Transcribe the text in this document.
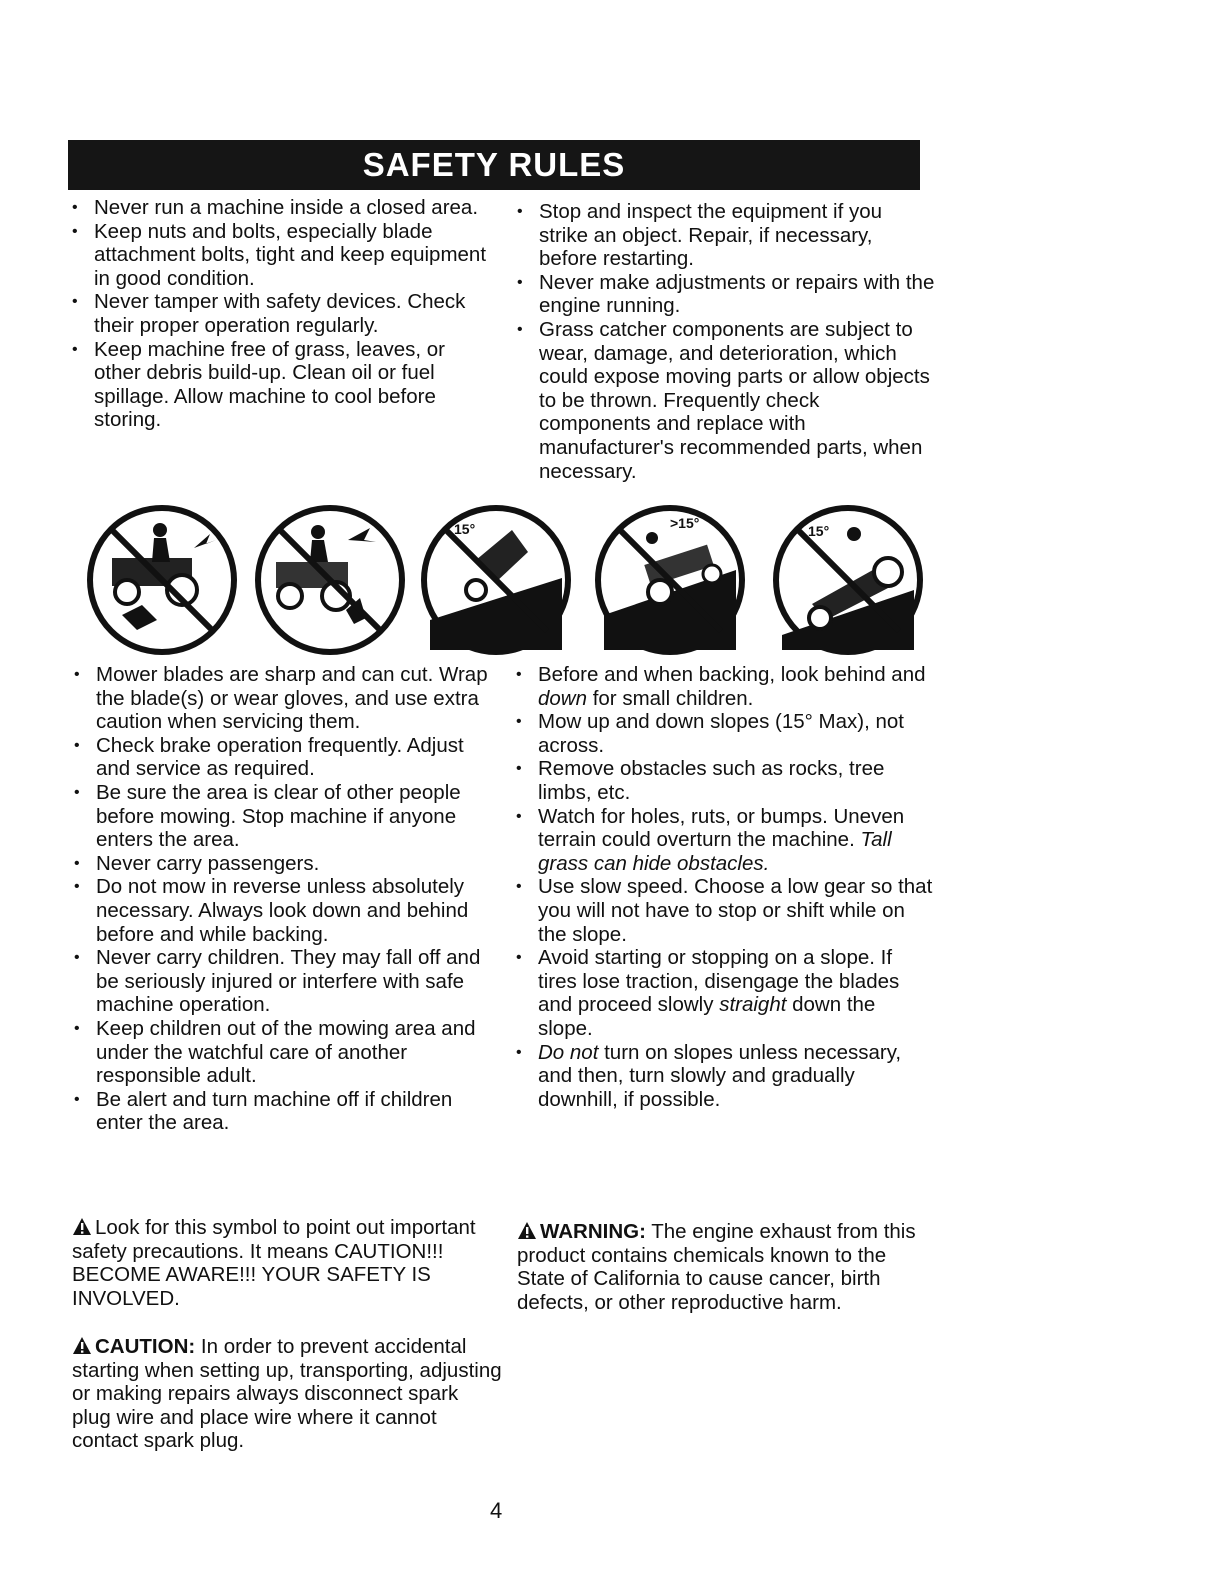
SAFETY RULES
• Never run a machine inside a closed area.
• Keep nuts and bolts, especially blade attachment bolts, tight and keep equipment in good condition.
• Never tamper with safety devices. Check their proper operation regularly.
• Keep machine free of grass, leaves, or other debris build-up. Clean oil or fuel spillage. Allow machine to cool before storing.
• Stop and inspect the equipment if you strike an object. Repair, if necessary, before restarting.
• Never make adjustments or repairs with the engine running.
• Grass catcher components are subject to wear, damage, and deterioration, which could expose moving parts or allow objects to be thrown. Frequently check components and replace with manufacturer's recommended parts, when necessary.
15°	>15°	15°
• Mower blades are sharp and can cut. Wrap the blade(s) or wear gloves, and use extra caution when servicing them.
• Check brake operation frequently. Adjust and service as required.
• Be sure the area is clear of other people before mowing. Stop machine if anyone enters the area.
• Never carry passengers.
• Do not mow in reverse unless absolutely necessary. Always look down and behind before and while backing.
• Never carry children. They may fall off and be seriously injured or interfere with safe machine operation.
• Keep children out of the mowing area and under the watchful care of another responsible adult.
• Be alert and turn machine off if children enter the area.
• Before and when backing, look behind and down for small children.
• Mow up and down slopes (15° Max), not across.
• Remove obstacles such as rocks, tree limbs, etc.
• Watch for holes, ruts, or bumps. Uneven terrain could overturn the machine. Tall grass can hide obstacles.
• Use slow speed. Choose a low gear so that you will not have to stop or shift while on the slope.
• Avoid starting or stopping on a slope. If tires lose traction, disengage the blades and proceed slowly straight down the slope.
• Do not turn on slopes unless necessary, and then, turn slowly and gradually downhill, if possible.
Look for this symbol to point out important safety precautions. It means CAUTION!!! BECOME AWARE!!! YOUR SAFETY IS INVOLVED.
CAUTION: In order to prevent accidental starting when setting up, transporting, adjusting or making repairs always disconnect spark plug wire and place wire where it cannot contact spark plug.
WARNING: The engine exhaust from this product contains chemicals known to the State of California to cause cancer, birth defects, or other reproductive harm.
4
